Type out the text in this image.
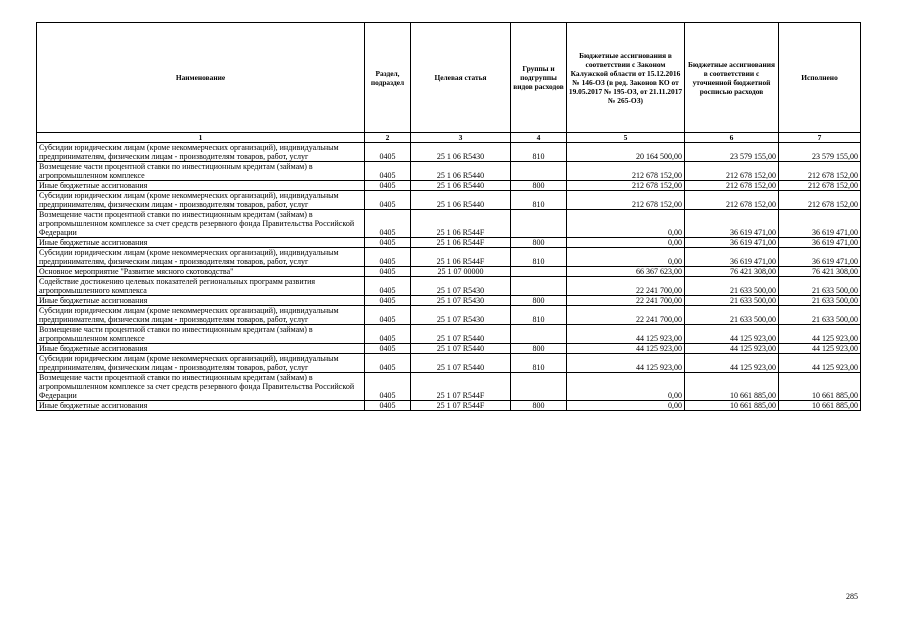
Наименование	Раздел, подраздел	Целевая статья	Группы и подгруппы видов расходов	Бюджетные ассигнования в соответствии с Законом Калужской области от 15.12.2016 № 146-ОЗ (в ред. Законов КО от 19.05.2017 № 195-ОЗ, от 21.11.2017 № 265-ОЗ)	Бюджетные ассигнования в соответствии с уточненной бюджетной росписью расходов	Исполнено
1	2	3	4	5	6	7
Субсидии юридическим лицам (кроме некоммерческих организаций), индивидуальным предпринимателям, физическим лицам - производителям товаров, работ, услуг	0405	25 1 06 R5430	810	20 164 500,00	23 579 155,00	23 579 155,00
Возмещение части процентной ставки по инвестиционным кредитам (займам) в агропромышленном комплексе	0405	25 1 06 R5440		212 678 152,00	212 678 152,00	212 678 152,00
Иные бюджетные ассигнования	0405	25 1 06 R5440	800	212 678 152,00	212 678 152,00	212 678 152,00
Субсидии юридическим лицам (кроме некоммерческих организаций), индивидуальным предпринимателям, физическим лицам - производителям товаров, работ, услуг	0405	25 1 06 R5440	810	212 678 152,00	212 678 152,00	212 678 152,00
Возмещение части процентной ставки по инвестиционным кредитам (займам) в агропромышленном комплексе за счет средств резервного фонда Правительства Российской Федерации	0405	25 1 06 R544F		0,00	36 619 471,00	36 619 471,00
Иные бюджетные ассигнования	0405	25 1 06 R544F	800	0,00	36 619 471,00	36 619 471,00
Субсидии юридическим лицам (кроме некоммерческих организаций), индивидуальным предпринимателям, физическим лицам - производителям товаров, работ, услуг	0405	25 1 06 R544F	810	0,00	36 619 471,00	36 619 471,00
Основное мероприятие "Развитие мясного скотоводства"	0405	25 1 07 00000		66 367 623,00	76 421 308,00	76 421 308,00
Содействие достижению целевых показателей региональных программ развития агропромышленного комплекса	0405	25 1 07 R5430		22 241 700,00	21 633 500,00	21 633 500,00
Иные бюджетные ассигнования	0405	25 1 07 R5430	800	22 241 700,00	21 633 500,00	21 633 500,00
Субсидии юридическим лицам (кроме некоммерческих организаций), индивидуальным предпринимателям, физическим лицам - производителям товаров, работ, услуг	0405	25 1 07 R5430	810	22 241 700,00	21 633 500,00	21 633 500,00
Возмещение части процентной ставки по инвестиционным кредитам (займам) в агропромышленном комплексе	0405	25 1 07 R5440		44 125 923,00	44 125 923,00	44 125 923,00
Иные бюджетные ассигнования	0405	25 1 07 R5440	800	44 125 923,00	44 125 923,00	44 125 923,00
Субсидии юридическим лицам (кроме некоммерческих организаций), индивидуальным предпринимателям, физическим лицам - производителям товаров, работ, услуг	0405	25 1 07 R5440	810	44 125 923,00	44 125 923,00	44 125 923,00
Возмещение части процентной ставки по инвестиционным кредитам (займам) в агропромышленном комплексе за счет средств резервного фонда Правительства Российской Федерации	0405	25 1 07 R544F		0,00	10 661 885,00	10 661 885,00
Иные бюджетные ассигнования	0405	25 1 07 R544F	800	0,00	10 661 885,00	10 661 885,00
285
